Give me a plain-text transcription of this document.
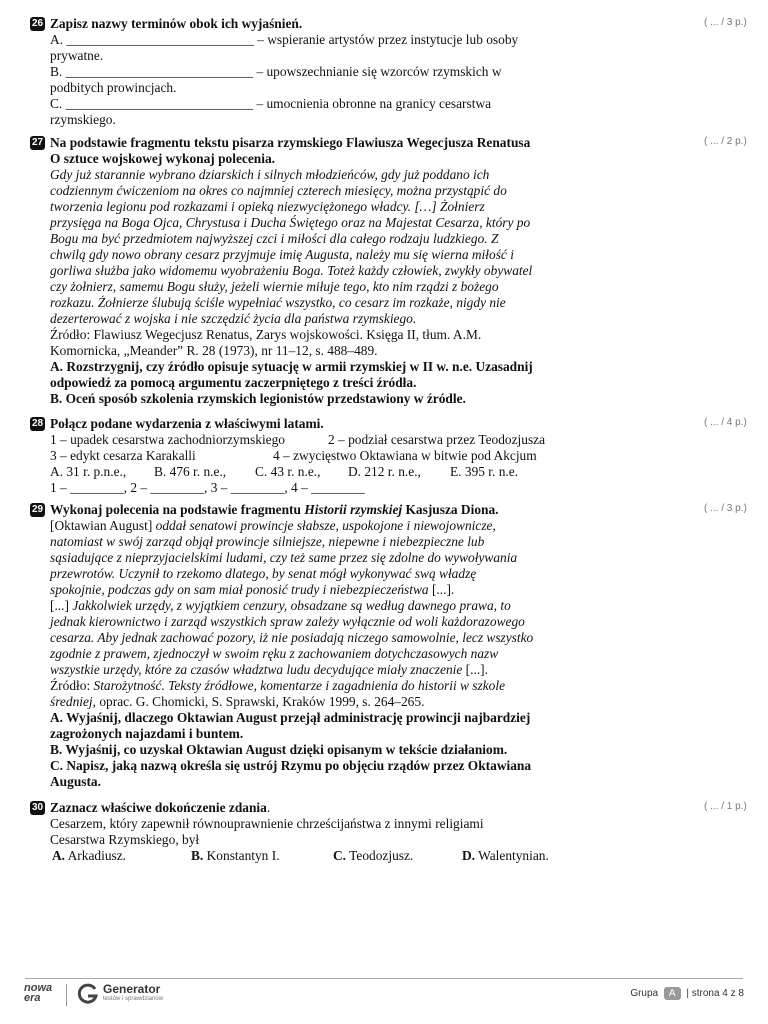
26 Zapisz nazwy terminów obok ich wyjaśnień.
A. ____________________________ – wspieranie artystów przez instytucje lub osoby
prywatne.
B. ____________________________ – upowszechnianie się wzorców rzymskich w
podbitych prowincjach.
C. ____________________________ – umocnienia obronne na granicy cesarstwa
rzymskiego.
( ... / 3 p.)
27 Na podstawie fragmentu tekstu pisarza rzymskiego Flawiusza Wegecjusza Renatusa
O sztuce wojskowej wykonaj polecenia.
Gdy już starannie wybrano dziarskich i silnych młodzieńców, gdy już poddano ich
codziennym ćwiczeniom na okres co najmniej czterech miesięcy, można przystąpić do
tworzenia legionu pod rozkazami i opieką niezwyciężonego władcy. […] Żołnierz
przysięga na Boga Ojca, Chrystusa i Ducha Świętego oraz na Majestat Cesarza, który po
Bogu ma być przedmiotem najwyższej czci i miłości dla całego rodzaju ludzkiego. Z
chwilą gdy nowo obrany cesarz przyjmuje imię Augusta, należy mu się wierna miłość i
gorliwa służba jako widomemu wyobrażeniu Boga. Toteż każdy człowiek, zwykły obywatel
czy żołnierz, samemu Bogu służy, jeżeli wiernie miłuje tego, kto nim rządzi z bożego
rozkazu. Żołnierze ślubują ściśle wypełniać wszystko, co cesarz im rozkaże, nigdy nie
dezerterować z wojska i nie szczędzić życia dla państwa rzymskiego.
Źródło: Flawiusz Wegecjusz Renatus, Zarys wojskowości. Księga II, tłum. A.M.
Komornicka, „Meander” R. 28 (1973), nr 11–12, s. 488–489.
A. Rozstrzygnij, czy źródło opisuje sytuację w armii rzymskiej w II w. n.e. Uzasadnij
odpowiedź za pomocą argumentu zaczerpniętego z treści źródła.
B. Oceń sposób szkolenia rzymskich legionistów przedstawiony w źródle.
( ... / 2 p.)
28 Połącz podane wydarzenia z właściwymi latami.
1 – upadek cesarstwa zachodniorzymskiego	2 – podział cesarstwa przez Teodozjusza
3 – edykt cesarza Karakalli	4 – zwycięstwo Oktawiana w bitwie pod Akcjum
A. 31 r. p.n.e., B. 476 r. n.e., C. 43 r. n.e., D. 212 r. n.e., E. 395 r. n.e.
1 – ________, 2 – ________, 3 – ________, 4 – ________
( ... / 4 p.)
29 Wykonaj polecenia na podstawie fragmentu Historii rzymskiej Kasjusza Diona.
[Oktawian August] oddał senatowi prowincje słabsze, uspokojone i niewojownicze,
natomiast w swój zarząd objął prowincje silniejsze, niepewne i niebezpieczne lub
sąsiadujące z nieprzyjacielskimi ludami, czy też same przez się zdolne do wywoływania
przewrotów. Uczynił to rzekomo dlatego, by senat mógł wykonywać swą władzę
spokojnie, podczas gdy on sam miał ponosić trudy i niebezpieczeństwa [...].
[...] Jakkolwiek urzędy, z wyjątkiem cenzury, obsadzane są według dawnego prawa, to
jednak kierownictwo i zarząd wszystkich spraw zależy wyłącznie od woli każdorazowego
cesarza. Aby jednak zachować pozory, iż nie posiadają niczego samowolnie, lecz wszystko
zgodnie z prawem, zjednoczył w swoim ręku z zachowaniem dotychczasowych nazw
wszystkie urzędy, które za czasów władztwa ludu decydujące miały znaczenie [...].
Źródło: Starożytność. Teksty źródłowe, komentarze i zagadnienia do historii w szkole
średniej, oprac. G. Chomicki, S. Sprawski, Kraków 1999, s. 264–265.
A. Wyjaśnij, dlaczego Oktawian August przejął administrację prowincji najbardziej
zagrożonych najazdami i buntem.
B. Wyjaśnij, co uzyskał Oktawian August dzięki opisanym w tekście działaniom.
C. Napisz, jaką nazwą określa się ustrój Rzymu po objęciu rządów przez Oktawiana
Augusta.
( ... / 3 p.)
30 Zaznacz właściwe dokończenie zdania.
Cesarzem, który zapewnił równouprawnienie chrześcijaństwa z innymi religiami
Cesarstwa Rzymskiego, był
A. Arkadiusz.	B. Konstantyn I.	C. Teodozjusz.	D. Walentynian.
( ... / 1 p.)
nowa
era
Generator
testów i sprawdzianów	Grupa A | strona 4 z 8
